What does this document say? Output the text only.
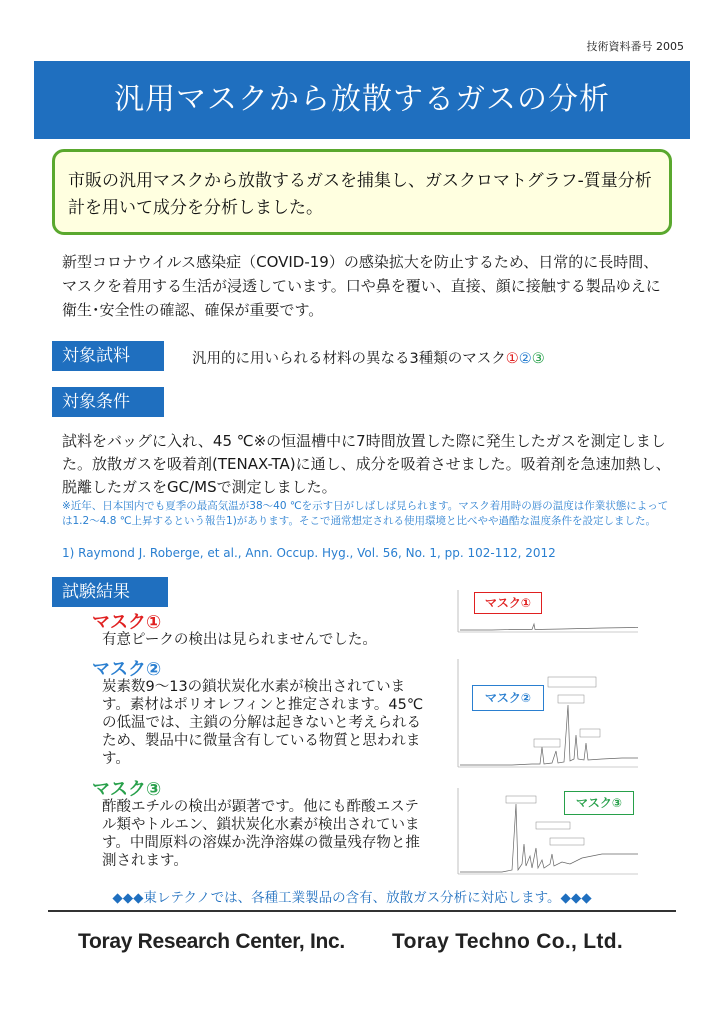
技術資料番号 2005
汎用マスクから放散するガスの分析
市販の汎用マスクから放散するガスを捕集し、ガスクロマトグラフ-質量分析計を用いて成分を分析しました。
新型コロナウイルス感染症（COVID-19）の感染拡大を防止するため、日常的に長時間、マスクを着用する生活が浸透しています。口や鼻を覆い、直接、顔に接触する製品ゆえに衛生･安全性の確認、確保が重要です。
対象試料	汎用的に用いられる材料の異なる3種類のマスク①②③
対象条件
試料をバッグに入れ、45 ℃※の恒温槽中に7時間放置した際に発生したガスを測定しました。放散ガスを吸着剤(TENAX-TA)に通し、成分を吸着させました。吸着剤を急速加熱し、脱離したガスをGC/MSで測定しました。
※近年、日本国内でも夏季の最高気温が38～40 ℃を示す日がしばしば見られます。マスク着用時の唇の温度は作業状態によっては1.2～4.8 ℃上昇するという報告1)があります。そこで通常想定される使用環境と比べやや過酷な温度条件を設定しました。
1) Raymond J. Roberge, et al., Ann. Occup. Hyg., Vol. 56, No. 1, pp. 102-112, 2012
試験結果
マスク①
有意ピークの検出は見られませんでした。
マスク②
炭素数9～13の鎖状炭化水素が検出されています。素材はポリオレフィンと推定されます。45℃の低温では、主鎖の分解は起きないと考えられるため、製品中に微量含有している物質と思われます。
マスク③
酢酸エチルの検出が顕著です。他にも酢酸エステル類やトルエン、鎖状炭化水素が検出されています。中間原料の溶媒か洗浄溶媒の微量残存物と推測されます。
マスク①
マスク②
マスク③
◆◆◆東レテクノでは、各種工業製品の含有、放散ガス分析に対応します。◆◆◆
Toray Research Center, Inc. Toray Techno Co., Ltd.
